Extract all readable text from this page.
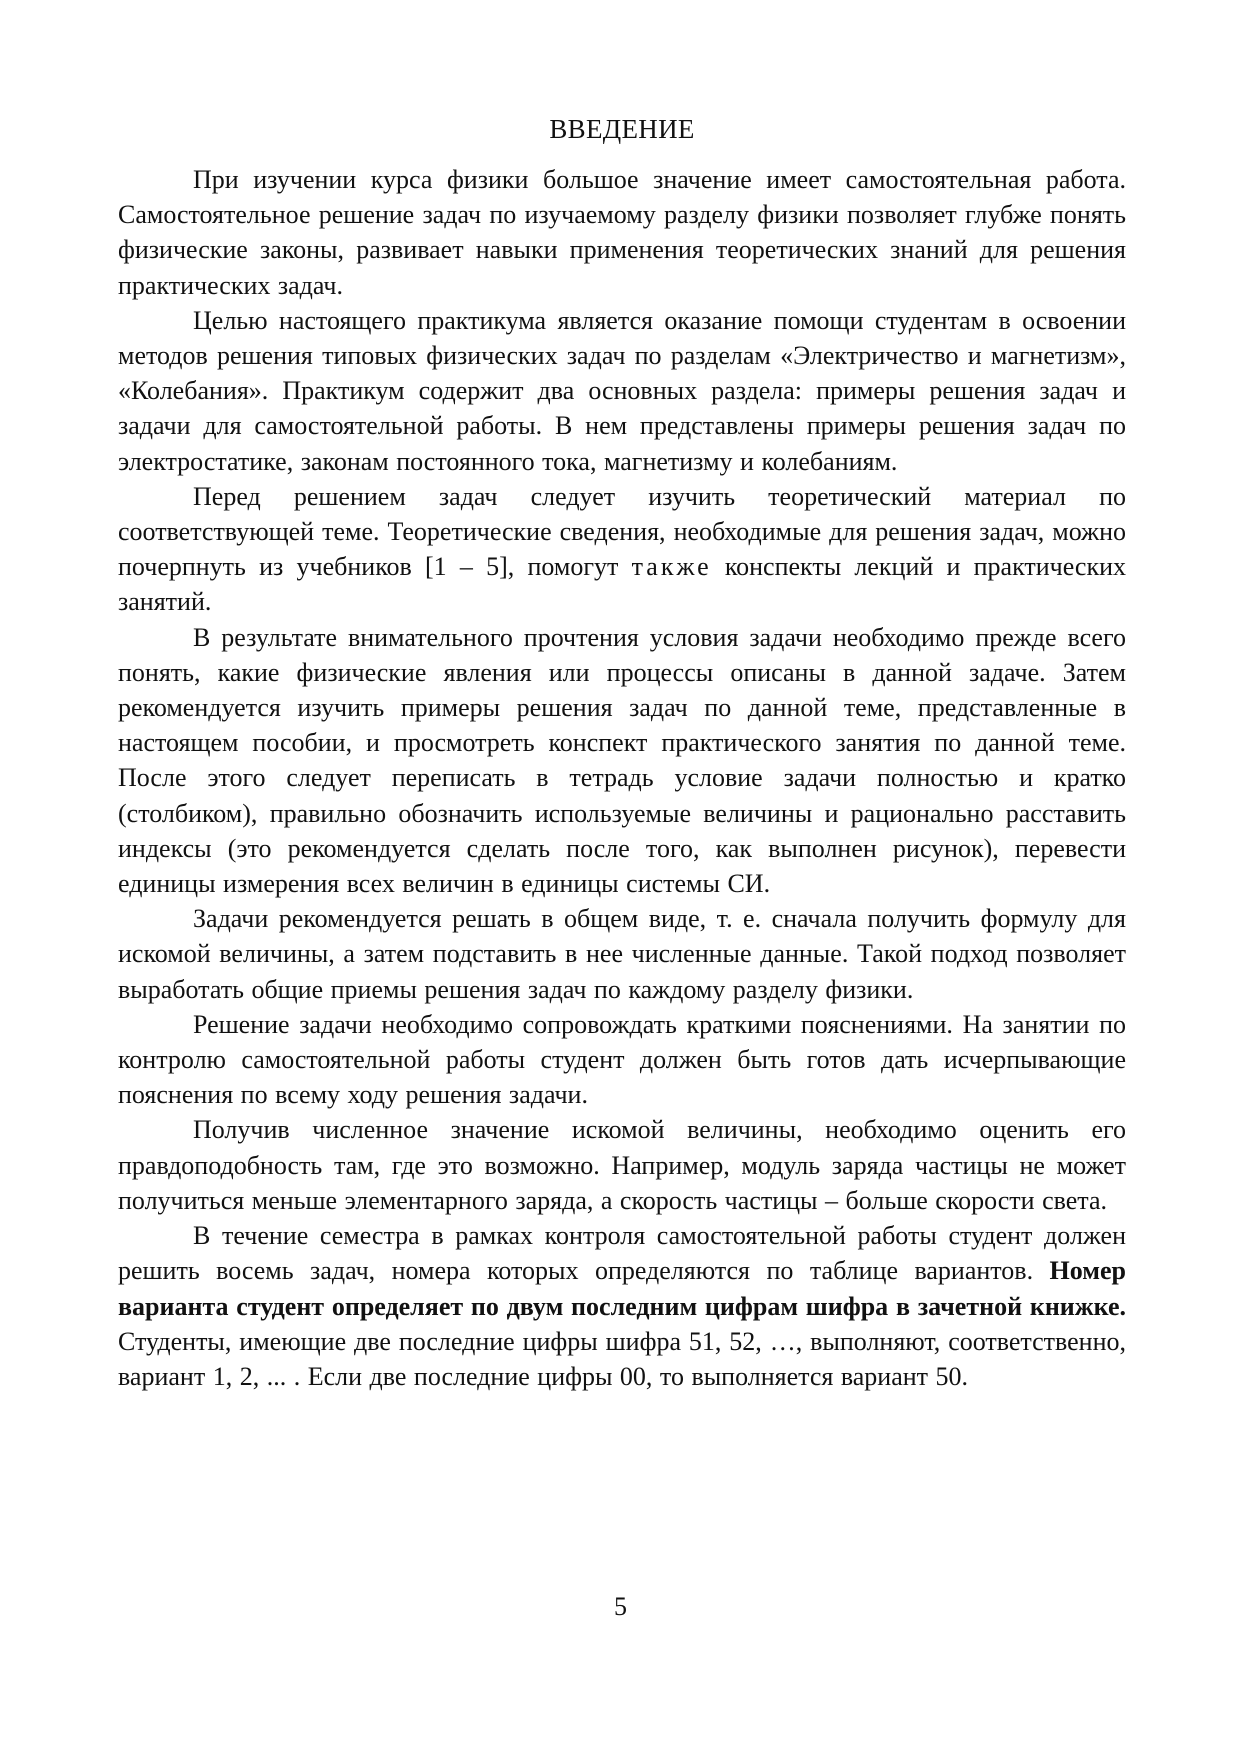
ВВЕДЕНИЕ

При изучении курса физики большое значение имеет самостоятельная работа. Самостоятельное решение задач по изучаемому разделу физики позволяет глубже понять физические законы, развивает навыки применения теоретических знаний для решения практических задач.

Целью настоящего практикума является оказание помощи студентам в освоении методов решения типовых физических задач по разделам «Электричество и магнетизм», «Колебания». Практикум содержит два основных раздела: примеры решения задач и задачи для самостоятельной работы. В нем представлены примеры решения задач по электростатике, законам постоянного тока, магнетизму и колебаниям.

Перед решением задач следует изучить теоретический материал по соответствующей теме. Теоретические сведения, необходимые для решения задач, можно почерпнуть из учебников [1 – 5], помогут также конспекты лекций и практических занятий.

В результате внимательного прочтения условия задачи необходимо прежде всего понять, какие физические явления или процессы описаны в данной задаче. Затем рекомендуется изучить примеры решения задач по данной теме, представленные в настоящем пособии, и просмотреть конспект практического занятия по данной теме. После этого следует переписать в тетрадь условие задачи полностью и кратко (столбиком), правильно обозначить используемые величины и рационально расставить индексы (это рекомендуется сделать после того, как выполнен рисунок), перевести единицы измерения всех величин в единицы системы СИ.

Задачи рекомендуется решать в общем виде, т. е. сначала получить формулу для искомой величины, а затем подставить в нее численные данные. Такой подход позволяет выработать общие приемы решения задач по каждому разделу физики.

Решение задачи необходимо сопровождать краткими пояснениями. На занятии по контролю самостоятельной работы студент должен быть готов дать исчерпывающие пояснения по всему ходу решения задачи.

Получив численное значение искомой величины, необходимо оценить его правдоподобность там, где это возможно. Например, модуль заряда частицы не может получиться меньше элементарного заряда, а скорость частицы – больше скорости света.

В течение семестра в рамках контроля самостоятельной работы студент должен решить восемь задач, номера которых определяются по таблице вариантов. Номер варианта студент определяет по двум последним цифрам шифра в зачетной книжке. Студенты, имеющие две последние цифры шифра 51, 52, …, выполняют, соответственно, вариант 1, 2, ... . Если две последние цифры 00, то выполняется вариант 50.

5
